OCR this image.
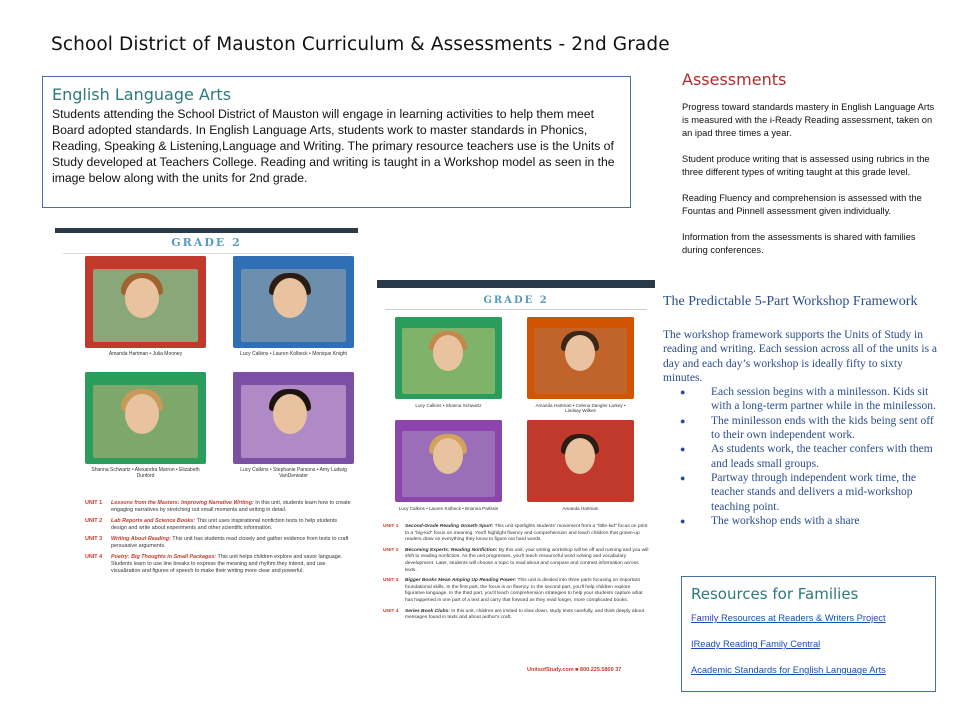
School District of Mauston Curriculum & Assessments - 2nd Grade
English Language Arts
Students attending the School District of Mauston will engage in learning activities to help them meet Board adopted standards. In English Language Arts, students work to master standards in Phonics, Reading, Speaking & Listening,Language and Writing. The primary resource teachers use is the Units of Study developed at Teachers College. Reading and writing is taught in a Workshop model as seen in the image below along with the units for 2nd grade.
Assessments

Progress toward standards mastery in English Language Arts is measured with the i-Ready Reading assessment, taken on an ipad three times a year.

Student produce writing that is assessed using rubrics in the three different types of writing taught at this grade level.

Reading Fluency and comprehension is assessed with the Fountas and Pinnell assessment given individually.

Information from the assessments is shared with families during conferences.

The Predictable 5-Part Workshop Framework
The workshop framework supports the Units of Study in reading and writing. Each session across all of the units is a day and each day’s workshop is ideally fifty to sixty minutes.
● Each session begins with a minilesson. Kids sit with a long-term partner while in the minilesson.
● The minilesson ends with the kids being sent off to their own independent work.
● As students work, the teacher confers with them and leads small groups.
● Partway through independent work time, the teacher stands and delivers a mid-workshop teaching point.
● The workshop ends with a share
Resources for Families
Family Resources at Readers & Writers Project
IReady Reading Family Central
Academic Standards for English Language Arts
GRADE 2
UNIT 1	Lessons from the Masters: Improving Narrative Writing: In this unit, students learn how to create engaging narratives by stretching out small moments and writing in detail.
UNIT 2	Lab Reports and Science Books: This unit uses inspirational nonfiction texts to help students design and write about experiments and other scientific information.
UNIT 3	Writing About Reading: This unit has students read closely and gather evidence from texts to craft persuasive arguments.
UNIT 4	Poetry: Big Thoughts in Small Packages: This unit helps children explore and savor language. Students learn to use line breaks to express the meaning and rhythm they intend, and use visualization and figures of speech to make their writing more clear and powerful.
Amanda Hartman • Julia Mooney	Lucy Calkins • Lauren Kolbeck • Monique Knight
Shanna Schwartz • Alexandra Marron • Elizabeth Dunford
Lucy Calkins • Stephanie Parsons • Amy Ludwig VanDerwater
GRADE 2
UNIT 1	Second-Grade Reading Growth Spurt: This unit spotlights students' movement from a "little-kid" focus on print to a "big-kid" focus on meaning. You'll highlight fluency and comprehension and teach children that grown-up readers draw on everything they know to figure out hard words.
UNIT 2	Becoming Experts: Reading Nonfiction: By this unit, your writing workshop will be off and running and you will shift to reading nonfiction. As the unit progresses, you'll teach resourceful word solving and vocabulary development. Later, students will choose a topic to read about and compare and contrast information across texts.
UNIT 3	Bigger Books Mean Amping Up Reading Power: This unit is divided into three parts focusing on important foundational skills. In the first part, the focus is on fluency. In the second part, you'll help children explore figurative language. In the third part, you'll teach comprehension strategies to help your students capture what has happened in one part of a text and carry that forward as they read longer, more complicated books.
UNIT 4	Series Book Clubs: In this unit, children are invited to slow down, study texts carefully, and think deeply about messages found in texts and about author's craft.
UnitsofStudy.com ■ 800.225.5800 37
Lucy Calkins • Shanna Schwartz	Amanda Hartman • Celena Dangler Larkey • Lindsay Wilkes
Lucy Calkins • Lauren Kolbeck • Brianna Parlitsis	Amanda Hartman
